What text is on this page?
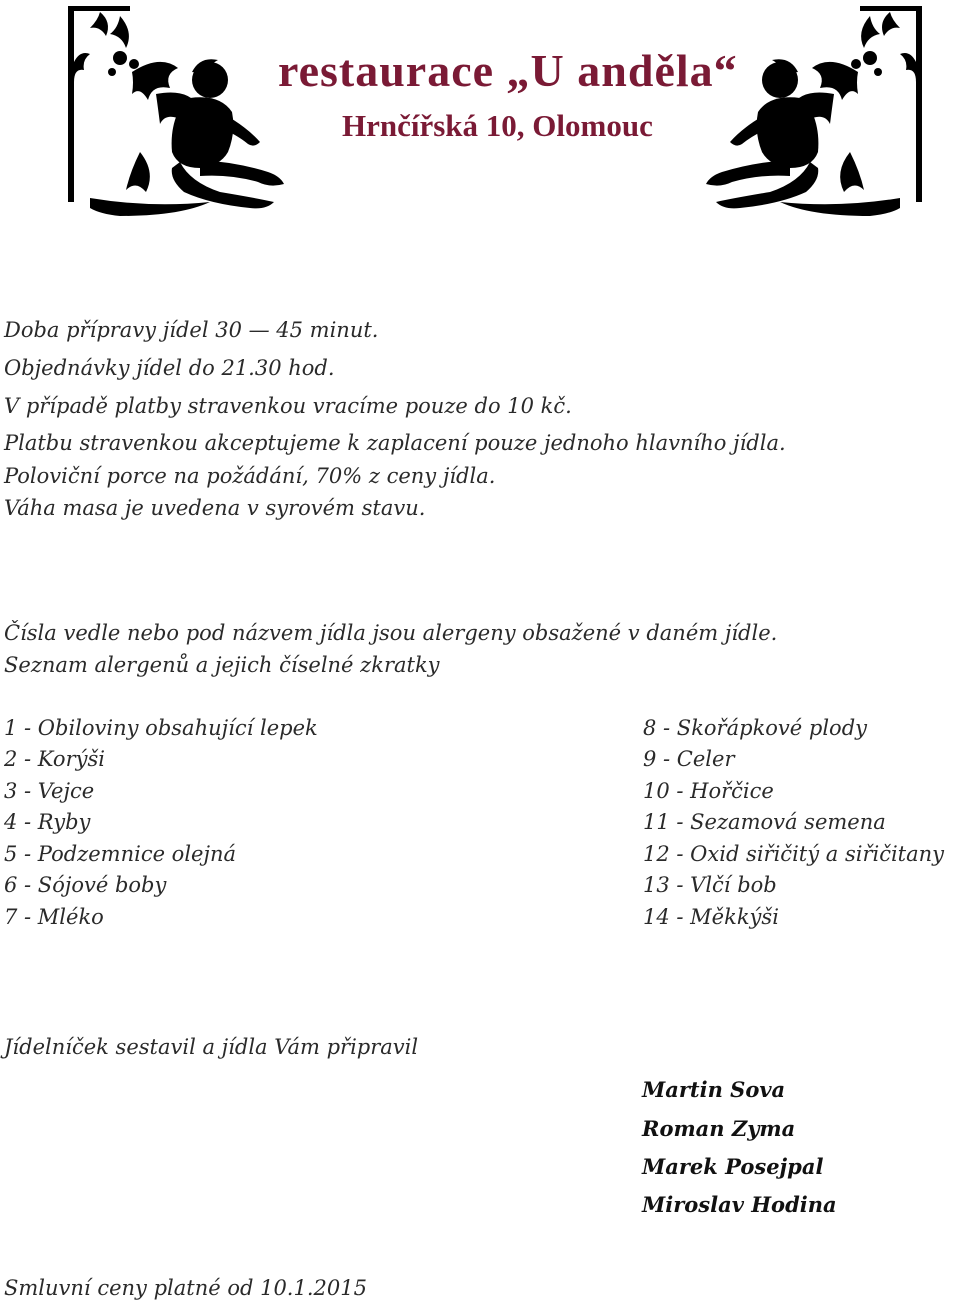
restaurace „U anděla“
Hrnčířská 10, Olomouc
Doba přípravy jídel 30 — 45 minut.
Objednávky jídel do 21.30 hod.
V případě platby stravenkou vracíme pouze do 10 kč.
Platbu stravenkou akceptujeme k zaplacení pouze jednoho hlavního jídla.
Poloviční porce na požádání, 70% z ceny jídla.
Váha masa je uvedena v syrovém stavu.
Čísla vedle nebo pod názvem jídla jsou alergeny obsažené v daném jídle.
Seznam alergenů a jejich číselné zkratky
1 - Obiloviny obsahující lepek
2 - Korýši
3 - Vejce
4 - Ryby
5 - Podzemnice olejná
6 - Sójové boby
7 - Mléko
8 - Skořápkové plody
9 - Celer
10 - Hořčice
11 - Sezamová semena
12 - Oxid siřičitý a siřičitany
13 - Vlčí bob
14 - Měkkýši
Jídelníček sestavil a jídla Vám připravil
Martin Sova
Roman Zyma
Marek Posejpal
Miroslav Hodina
Smluvní ceny platné od 10.1.2015
